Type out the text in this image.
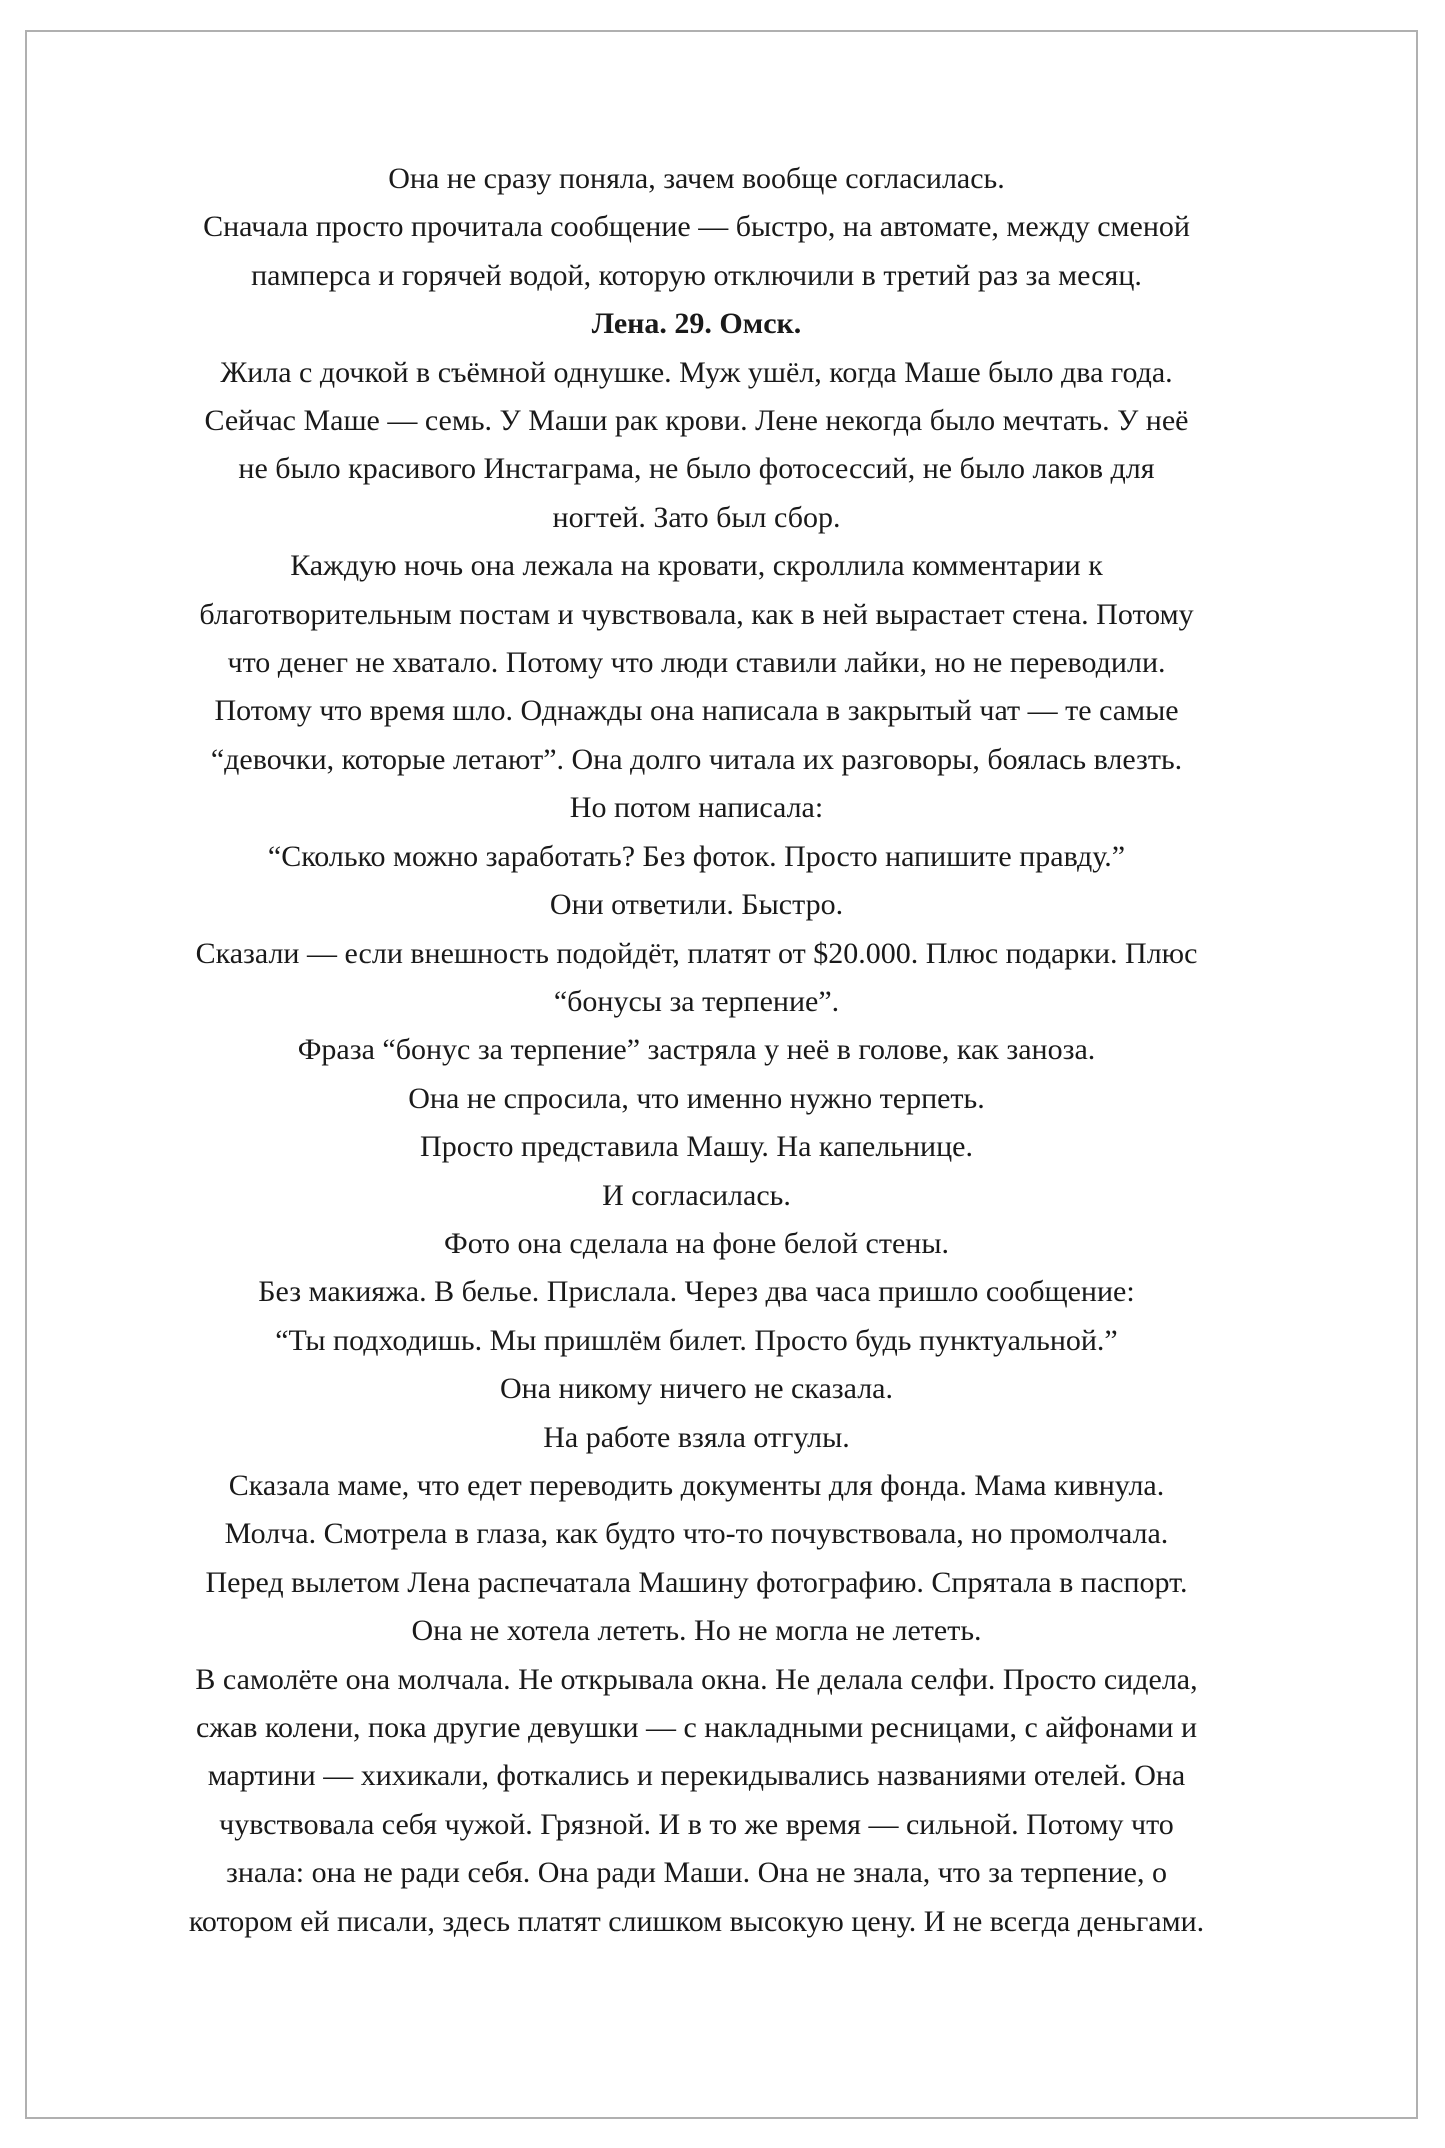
Она не сразу поняла, зачем вообще согласилась.

Сначала просто прочитала сообщение — быстро, на автомате, между сменой

памперса и горячей водой, которую отключили в третий раз за месяц.

Лена. 29. Омск.

Жила с дочкой в съёмной однушке. Муж ушёл, когда Маше было два года.

Сейчас Маше — семь. У Маши рак крови. Лене некогда было мечтать. У неё

не было красивого Инстаграма, не было фотосессий, не было лаков для

ногтей. Зато был сбор.

Каждую ночь она лежала на кровати, скроллила комментарии к

благотворительным постам и чувствовала, как в ней вырастает стена. Потому

что денег не хватало. Потому что люди ставили лайки, но не переводили.

Потому что время шло. Однажды она написала в закрытый чат — те самые

“девочки, которые летают”. Она долго читала их разговоры, боялась влезть.

Но потом написала:

“Сколько можно заработать? Без фоток. Просто напишите правду.”

Они ответили. Быстро.

Сказали — если внешность подойдёт, платят от $20.000. Плюс подарки. Плюс

“бонусы за терпение”.

Фраза “бонус за терпение” застряла у неё в голове, как заноза.

Она не спросила, что именно нужно терпеть.

Просто представила Машу. На капельнице.

И согласилась.

Фото она сделала на фоне белой стены.

Без макияжа. В белье. Прислала. Через два часа пришло сообщение:

“Ты подходишь. Мы пришлём билет. Просто будь пунктуальной.”

Она никому ничего не сказала.

На работе взяла отгулы.

Сказала маме, что едет переводить документы для фонда. Мама кивнула.

Молча. Смотрела в глаза, как будто что-то почувствовала, но промолчала.

Перед вылетом Лена распечатала Машину фотографию. Спрятала в паспорт.

Она не хотела лететь. Но не могла не лететь.

В самолёте она молчала. Не открывала окна. Не делала селфи. Просто сидела,

сжав колени, пока другие девушки — с накладными ресницами, с айфонами и

мартини — хихикали, фоткались и перекидывались названиями отелей. Она

чувствовала себя чужой. Грязной. И в то же время — сильной. Потому что

знала: она не ради себя. Она ради Маши. Она не знала, что за терпение, о

котором ей писали, здесь платят слишком высокую цену. И не всегда деньгами.
